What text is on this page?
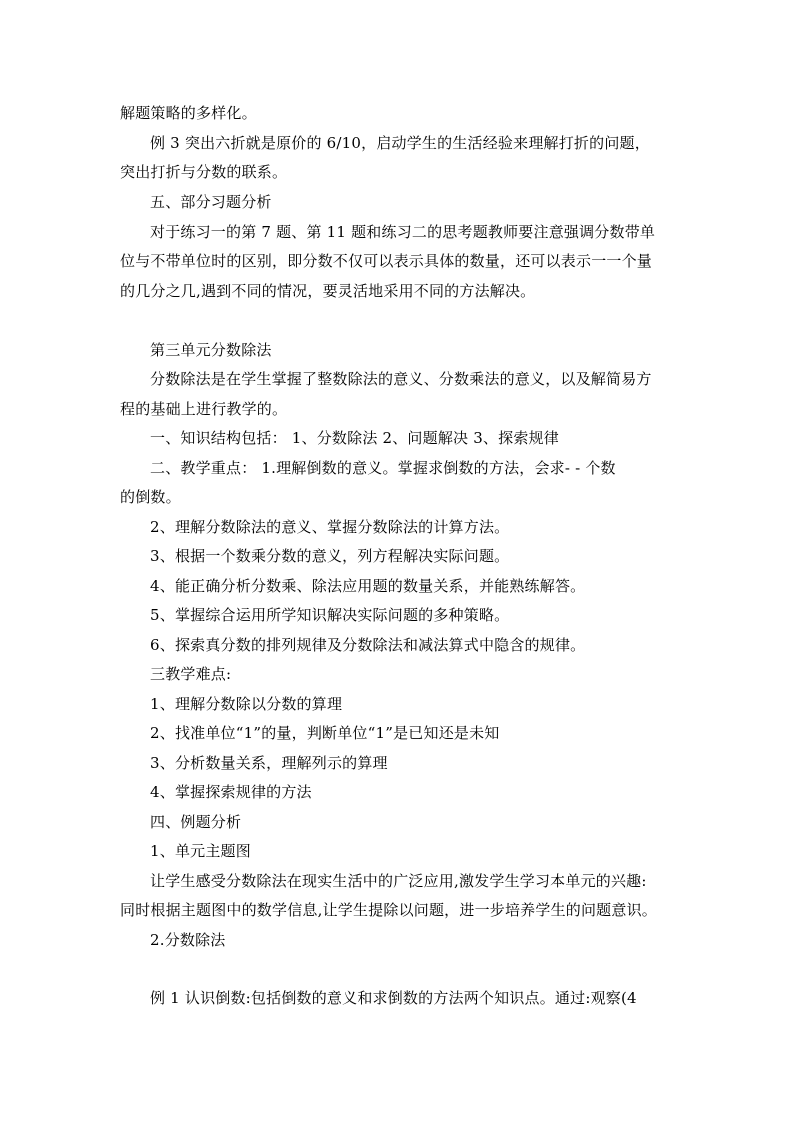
解题策略的多样化。
例 3 突出六折就是原价的 6/10，启动学生的生活经验来理解打折的问题，
突出打折与分数的联系。
五、部分习题分析
对于练习一的第 7 题、第 11 题和练习二的思考题教师要注意强调分数带单
位与不带单位时的区别，即分数不仅可以表示具体的数量，还可以表示一一个量
的几分之几,遇到不同的情况，要灵活地采用不同的方法解决。
第三单元分数除法
分数除法是在学生掌握了整数除法的意义、分数乘法的意义，以及解简易方
程的基础上进行教学的。
一、知识结构包括： 1、分数除法 2、问题解决 3、探索规律
二、教学重点： 1.理解倒数的意义。掌握求倒数的方法，会求- - 个数
的倒数。
2、理解分数除法的意义、掌握分数除法的计算方法。
3、根据一个数乘分数的意义，列方程解决实际问题。
4、能正确分析分数乘、除法应用题的数量关系，并能熟练解答。
5、掌握综合运用所学知识解决实际问题的多种策略。
6、探索真分数的排列规律及分数除法和减法算式中隐含的规律。
三教学难点:
1、理解分数除以分数的算理
2、找准单位“1”的量，判断单位“1”是已知还是未知
3、分析数量关系，理解列示的算理
4、掌握探索规律的方法
四、例题分析
1、单元主题图
让学生感受分数除法在现实生活中的广泛应用,激发学生学习本单元的兴趣:
同时根据主题图中的数学信息,让学生提除以问题，进一步培养学生的问题意识。
2.分数除法
例 1 认识倒数:包括倒数的意义和求倒数的方法两个知识点。通过:观察(4
